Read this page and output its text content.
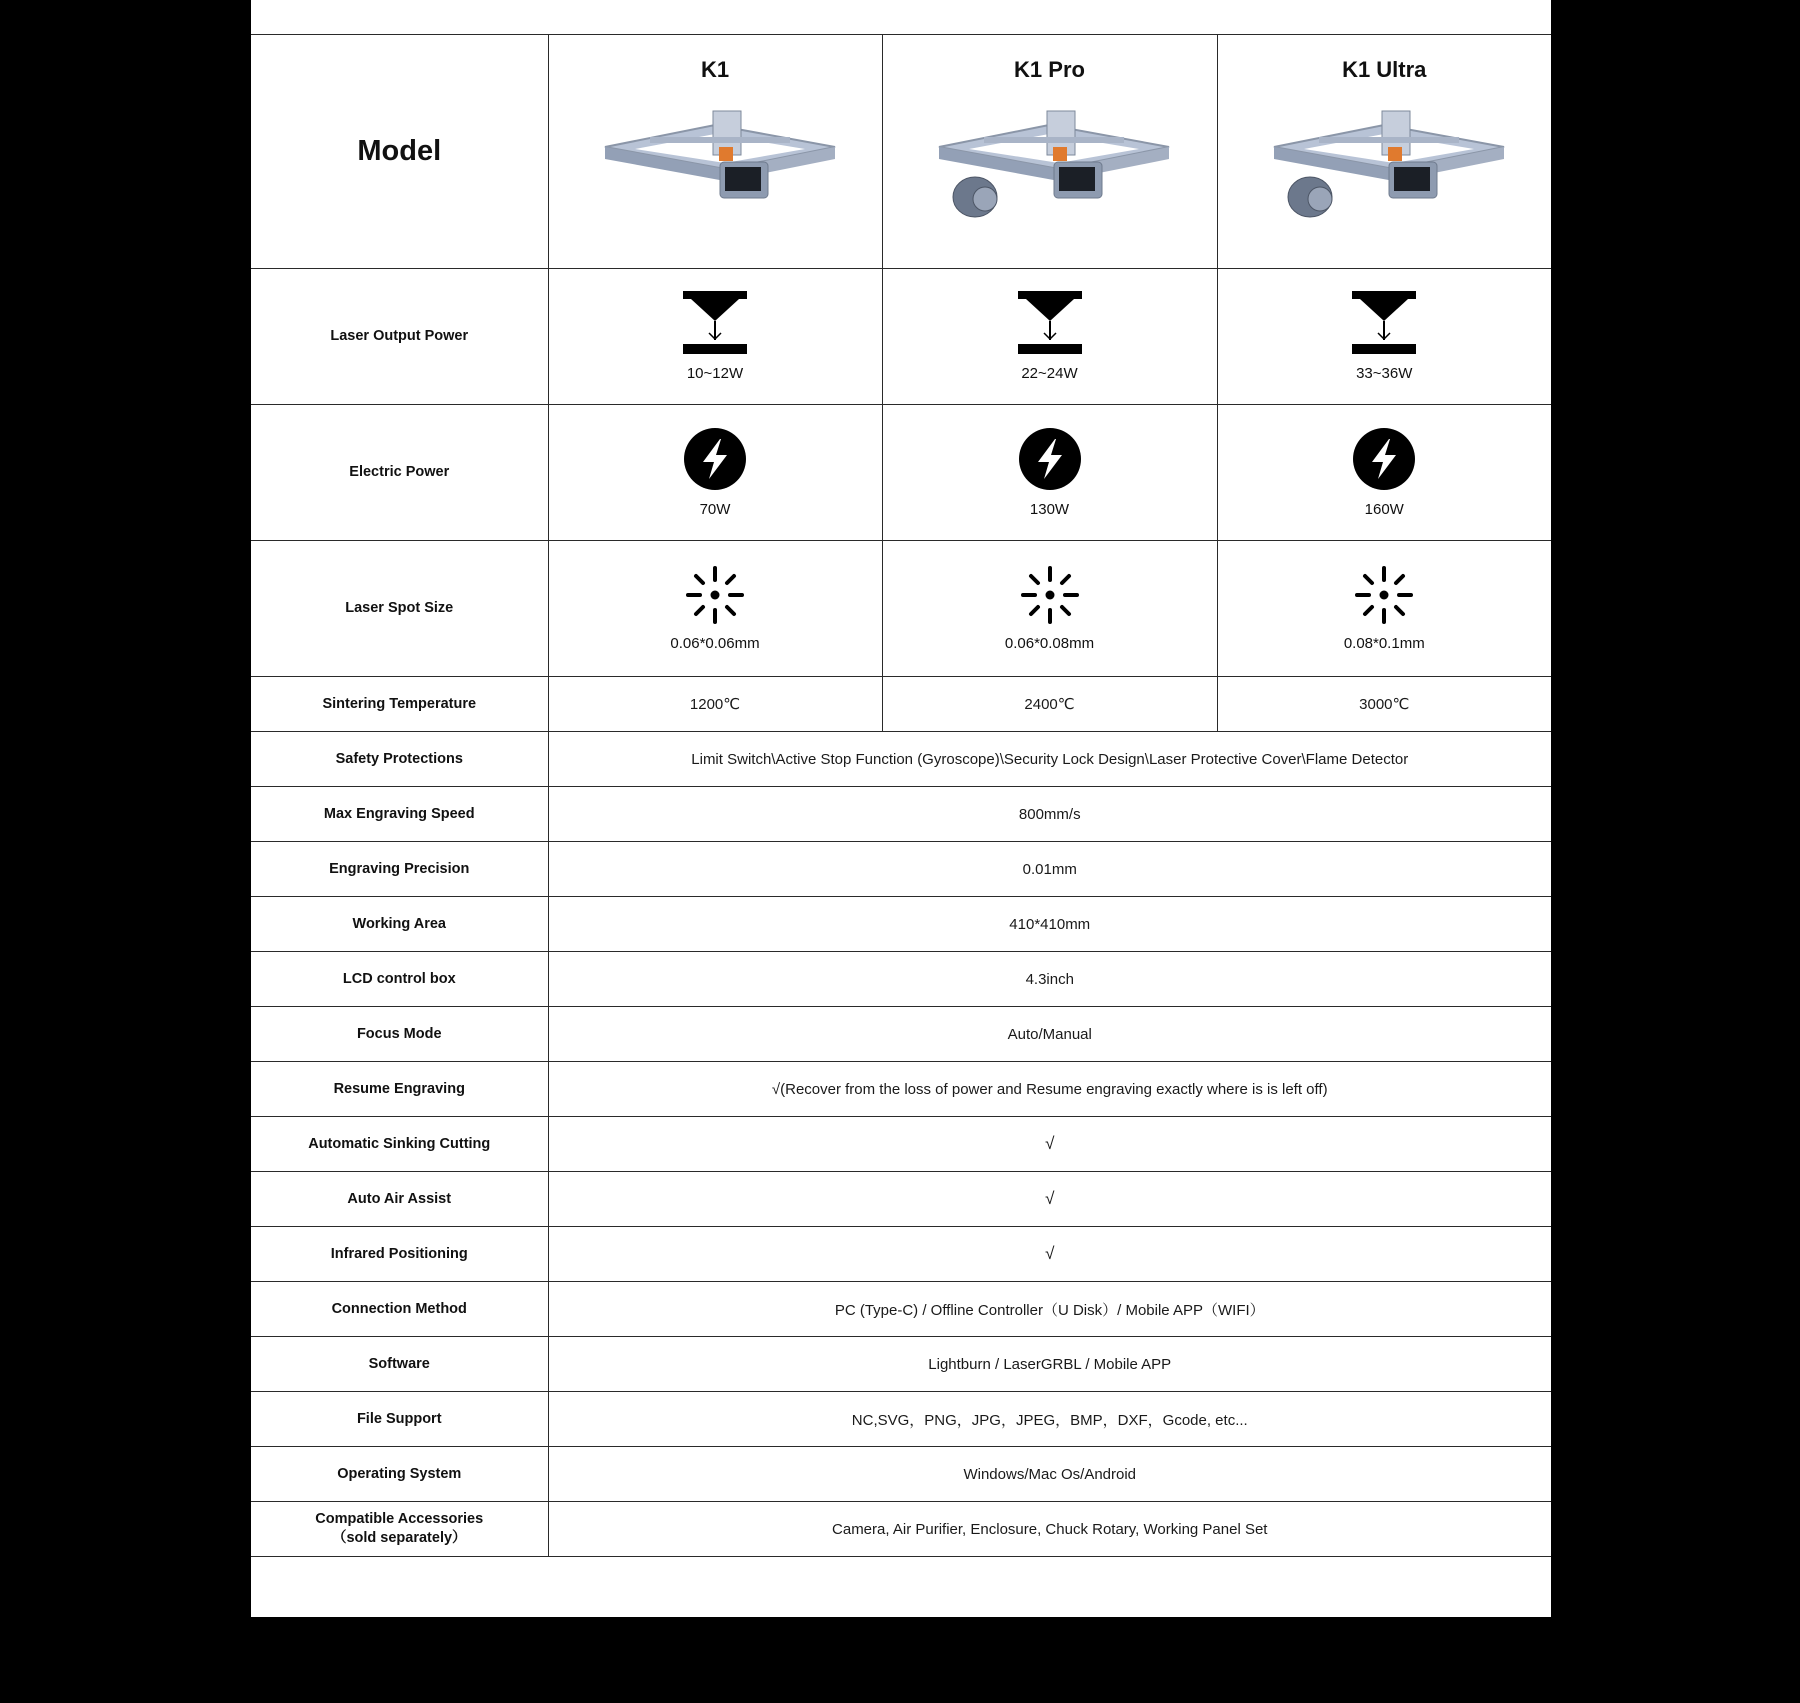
Model	K1	K1 Pro	K1 Ultra

Laser Output Power	10~12W	22~24W	33~36W

Electric Power	70W	130W	160W

Laser Spot Size	0.06*0.06mm	0.06*0.08mm	0.08*0.1mm

Sintering Temperature	1200℃	2400℃	3000℃
Safety Protections	Limit Switch\Active Stop Function (Gyroscope)\Security Lock Design\Laser Protective Cover\Flame Detector		
Max Engraving Speed	800mm/s		
Engraving Precision	0.01mm		
Working Area	410*410mm		
LCD control box	4.3inch		
Focus Mode	Auto/Manual		
Resume Engraving	√(Recover from the loss of power and Resume engraving exactly where is is left off)		
Automatic Sinking Cutting	√		
Auto Air Assist	√		
Infrared Positioning	√		
Connection Method	PC (Type-C) / Offline Controller（U Disk）/ Mobile APP（WIFI）		
Software	Lightburn / LaserGRBL / Mobile APP		
File Support	NC,SVG，PNG，JPG，JPEG，BMP，DXF，Gcode, etc...		
Operating System	Windows/Mac Os/Android		
Compatible Accessories
（sold separately）	Camera, Air Purifier, Enclosure, Chuck Rotary, Working Panel Set		
